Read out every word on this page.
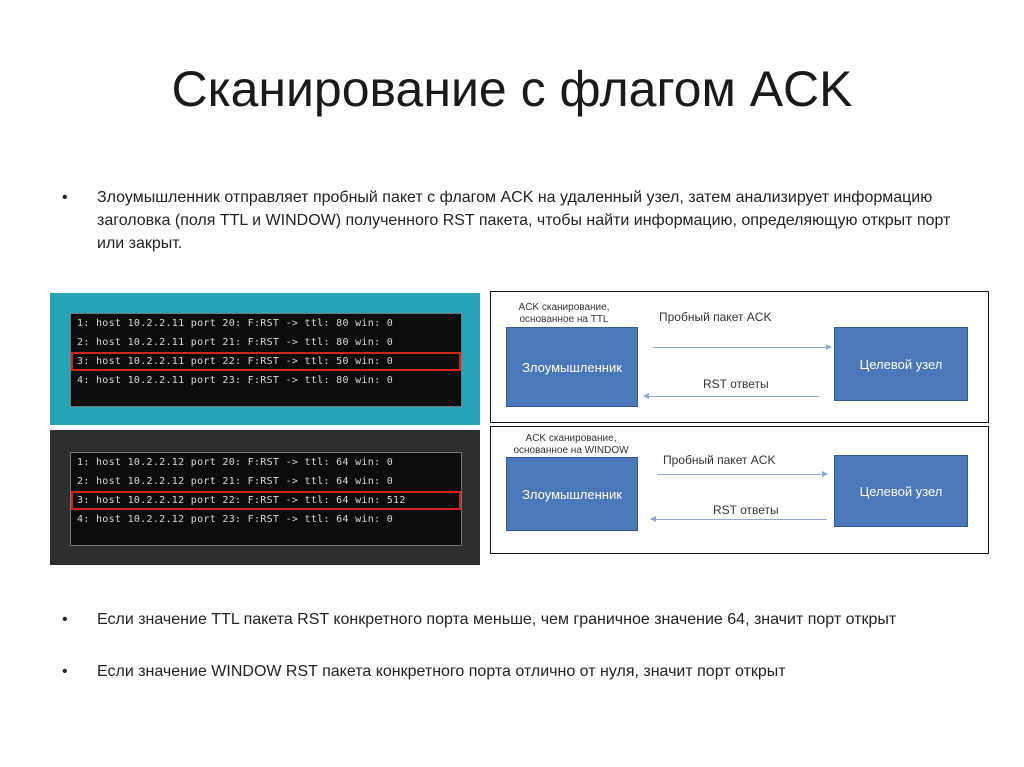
Сканирование с флагом ACK
• Злоумышленник отправляет пробный пакет с флагом ACK на удаленный узел, затем анализирует информацию заголовка (поля TTL и WINDOW) полученного RST пакета, чтобы найти информацию, определяющую открыт порт или закрыт.
1: host 10.2.2.11 port 20: F:RST -> ttl: 80 win: 0
2: host 10.2.2.11 port 21: F:RST -> ttl: 80 win: 0
3: host 10.2.2.11 port 22: F:RST -> ttl: 50 win: 0
4: host 10.2.2.11 port 23: F:RST -> ttl: 80 win: 0
1: host 10.2.2.12 port 20: F:RST -> ttl: 64 win: 0
2: host 10.2.2.12 port 21: F:RST -> ttl: 64 win: 0
3: host 10.2.2.12 port 22: F:RST -> ttl: 64 win: 512
4: host 10.2.2.12 port 23: F:RST -> ttl: 64 win: 0
ACK сканирование,
основанное на TTL
Злоумышленник	Целевой узел
Пробный пакет ACK
RST ответы
ACK сканирование,
основанное на WINDOW
Злоумышленник	Целевой узел
Пробный пакет ACK
RST ответы
• Если значение TTL пакета RST конкретного порта меньше, чем граничное значение 64, значит порт открыт
• Если значение WINDOW RST пакета конкретного порта отлично от нуля, значит порт открыт
